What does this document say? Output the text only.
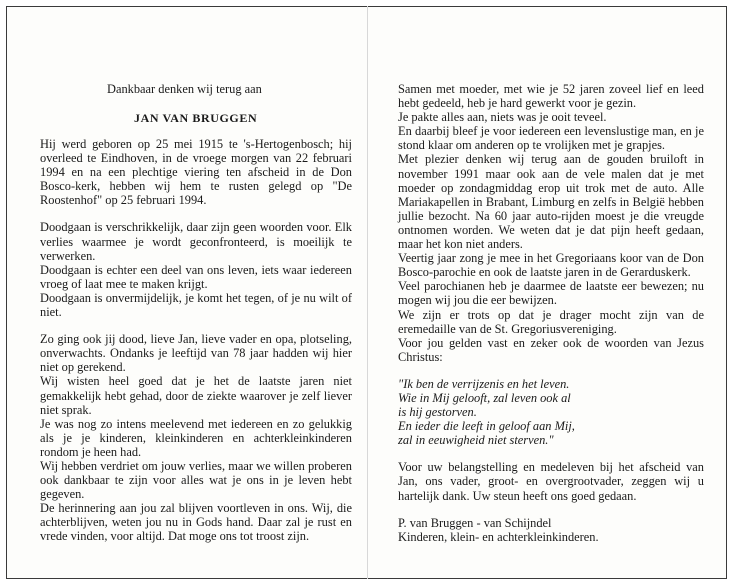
Dankbaar denken wij terug aan
JAN VAN BRUGGEN

Hij werd geboren op 25 mei 1915 te 's-Hertogenbosch; hij overleed te Eindhoven, in de vroege morgen van 22 februari 1994 en na een plechtige viering ten afscheid in de Don Bosco-kerk, hebben wij hem te rusten gelegd op "De Roostenhof" op 25 februari 1994.

Doodgaan is verschrikkelijk, daar zijn geen woorden voor. Elk verlies waarmee je wordt geconfronteerd, is moeilijk te verwerken.

Doodgaan is echter een deel van ons leven, iets waar iedereen vroeg of laat mee te maken krijgt.

Doodgaan is onvermijdelijk, je komt het tegen, of je nu wilt of niet.

Zo ging ook jij dood, lieve Jan, lieve vader en opa, plotseling, onverwachts. Ondanks je leeftijd van 78 jaar hadden wij hier niet op gerekend.

Wij wisten heel goed dat je het de laatste jaren niet gemakkelijk hebt gehad, door de ziekte waarover je zelf liever niet sprak.

Je was nog zo intens meelevend met iedereen en zo gelukkig als je je kinderen, kleinkinderen en achterkleinkinderen rondom je heen had.

Wij hebben verdriet om jouw verlies, maar we willen proberen ook dankbaar te zijn voor alles wat je ons in je leven hebt gegeven.

De herinnering aan jou zal blijven voortleven in ons. Wij, die achterblijven, weten jou nu in Gods hand. Daar zal je rust en vrede vinden, voor altijd. Dat moge ons tot troost zijn.

Samen met moeder, met wie je 52 jaren zoveel lief en leed hebt gedeeld, heb je hard gewerkt voor je gezin.

Je pakte alles aan, niets was je ooit teveel.

En daarbij bleef je voor iedereen een levenslustige man, en je stond klaar om anderen op te vrolijken met je grapjes.

Met plezier denken wij terug aan de gouden bruiloft in november 1991 maar ook aan de vele malen dat je met moeder op zondagmiddag erop uit trok met de auto. Alle Mariakapellen in Brabant, Limburg en zelfs in België hebben jullie bezocht. Na 60 jaar auto-rijden moest je die vreugde ontnomen worden. We weten dat je dat pijn heeft gedaan, maar het kon niet anders.

Veertig jaar zong je mee in het Gregoriaans koor van de Don Bosco-parochie en ook de laatste jaren in de Gerarduskerk.

Veel parochianen heb je daarmee de laatste eer bewezen; nu mogen wij jou die eer bewijzen.

We zijn er trots op dat je drager mocht zijn van de eremedaille van de St. Gregoriusvereniging.

Voor jou gelden vast en zeker ook de woorden van Jezus Christus:

"Ik ben de verrijzenis en het leven.

Wie in Mij gelooft, zal leven ook al

is hij gestorven.

En ieder die leeft in geloof aan Mij,

zal in eeuwigheid niet sterven."

Voor uw belangstelling en medeleven bij het afscheid van Jan, ons vader, groot- en overgrootvader, zeggen wij u hartelijk dank. Uw steun heeft ons goed gedaan.

P. van Bruggen - van Schijndel

Kinderen, klein- en achterkleinkinderen.
